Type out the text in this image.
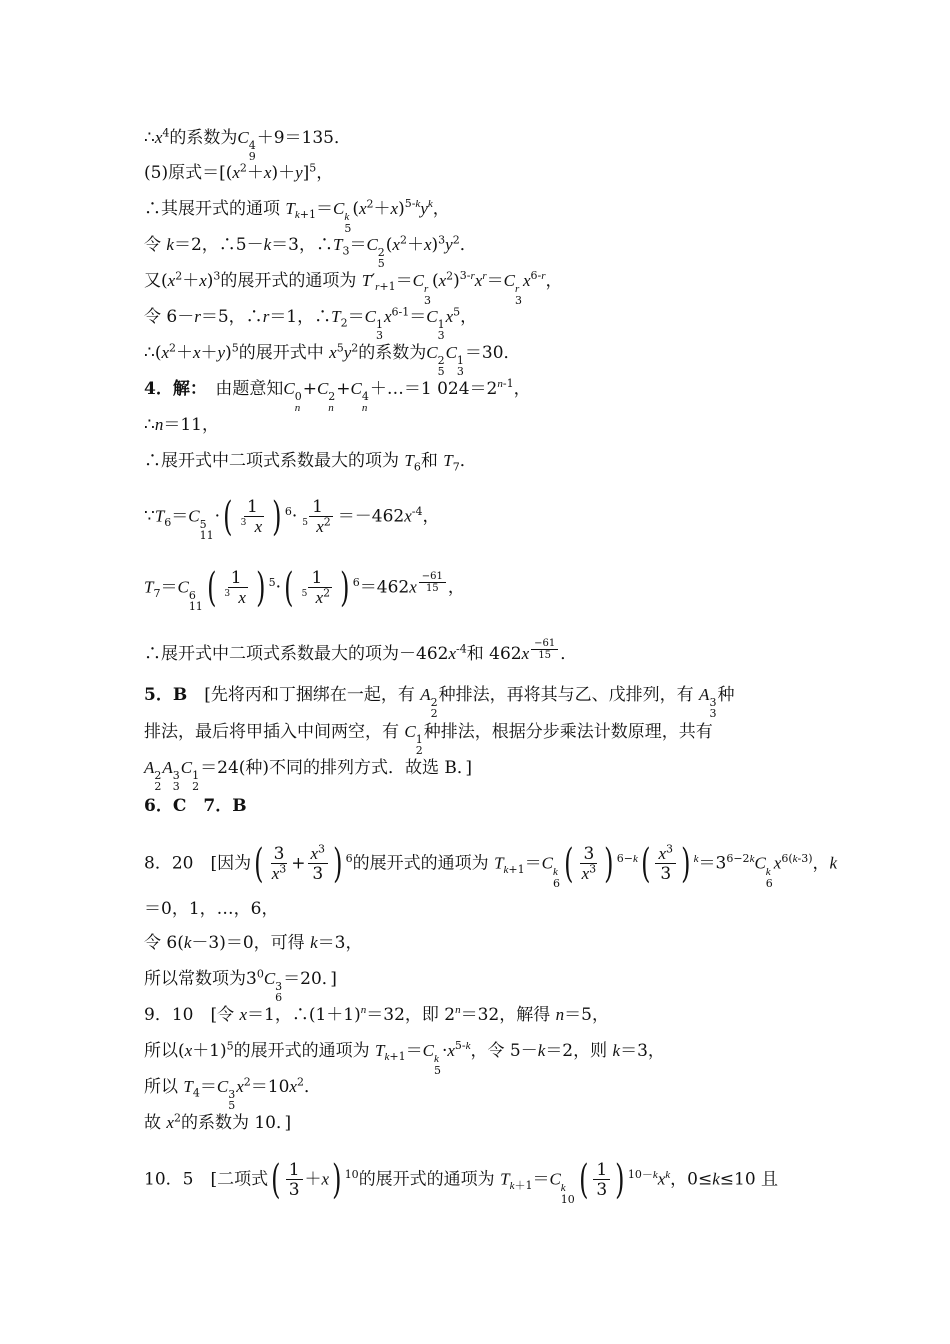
$\therefore x^4$的系数为C 4
9
＋9＝135．
(5)原式$=[(x^2+x)+y]^5$，
∴其展开式的通项 $T_{k+1}=C$ k
5
$(x^2+x)^{5-k}y^k$，
令 k＝2，∴5－k＝3，$\therefore T_3=C$ 2
5
$(x^2+x)^3y^2$．
又$(x^2+x)^3$的展开式的通项为 $T'_{r+1}=C$ r
3
$(x^2)^{3-r}x^r=C$ r
3
$x^{6-r}$，
令 6－r＝5，∴r＝1，$\therefore T_2=C$ 1
3
$x^{6-1}=C$ 1
3
$x^5$，
$\therefore(x^2+x+y)^5$的展开式中 $x^5y^2$的系数为C 2
5
C 1
3
＝30．
4．解：　由题意知C 0
n
+C 2
n
+C 4
n
＋…＝1 $024=2^{n-1}$，
∴n＝11，
∴展开式中二项式系数最大的项为 $T_6$和 $T_7$．
$\because T_6=C$ 5
11
·( $\frac{1}{3 x}$ ) $^6\cdot \frac{1}{5 x^2} =-462x^{-4}$，
$T_7=C$ 6
11 ( $\frac{1}{3 x}$ ) $^5\cdot( \frac{1}{5 x^2}$ ) $^6$＝462x $^{\frac{-61}{15}}$ ，
∴展开式中二项式系数最大的项为$-462x^{-4}$和 462x $^{\frac{-61}{15}}$ ．
5．B　[先将丙和丁捆绑在一起，有 A 2
2
种排法，再将其与乙、戊排列，有 A 3
3
种
排法，最后将甲插入中间两空，有 C 1
2
种排法，根据分步乘法计数原理，共有
A 2
2
A 3
3
C 1
2
＝24(种)不同的排列方式．故选 B．]
6．C　 7．B
8．20　[因为( $\frac{3}{x^3} + \frac{x^3}{3}$ ) $^6$的展开式的通项为 $T_{k+1}=C$ k
6 ( $\frac{3}{x^3}$ ) $^{6-k}( \frac{x^3}{3}$ ) $^k=3^{6-2k}C$ k
6
$x^{6(k-3)}$，k
＝0，1，…，6，
令 6(k－3)＝0，可得 k＝3，
所以常数项为$3^0C$ 3
6
＝20．]
9．10　[令 x＝1，$\therefore(1+1)^n=32$，即 $2^n=32$，解得 n＝5，
所以$(x+1)^5$的展开式的通项为 $T_{k+1}=C$ k
5
$\cdot x^{5-k}$，令 5－k＝2，则 k＝3，
所以 $T_4=C$ 3
5
$x^2=10x^2$．
故 $x^2$的系数为 10．]
10．5　[二项式( $\frac{1}{3} +x$) $^{10}$的展开式的通项为 $T_{k+1}=C$ k
10 ( $\frac{1}{3}$ ) $^{10-k}x^k$，0≤k≤10 且
